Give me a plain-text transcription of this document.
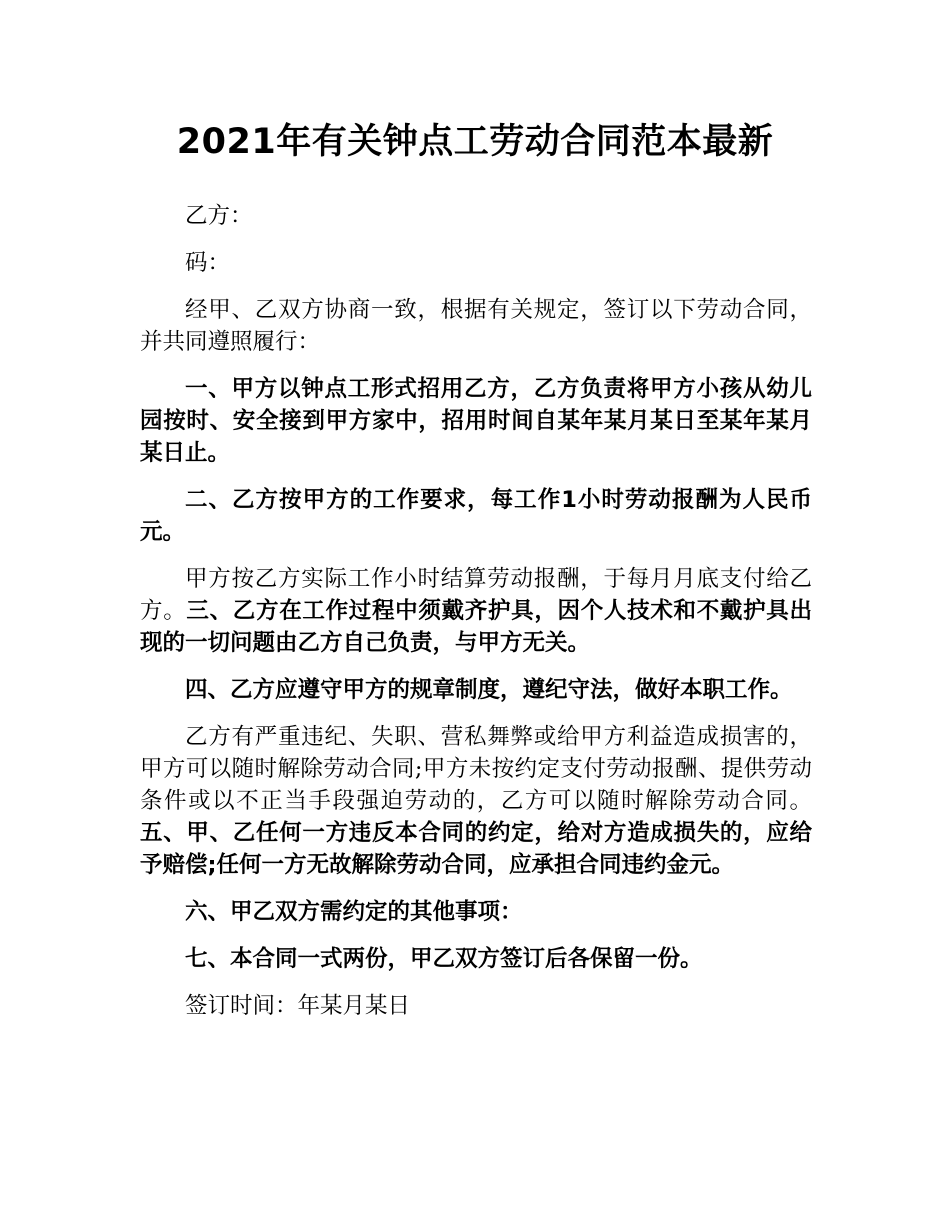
2021年有关钟点工劳动合同范本最新

乙方：

码：

经甲、乙双方协商一致，根据有关规定，签订以下劳动合同，并共同遵照履行：

一、甲方以钟点工形式招用乙方，乙方负责将甲方小孩从幼儿园按时、安全接到甲方家中，招用时间自某年某月某日至某年某月某日止。

二、乙方按甲方的工作要求，每工作1小时劳动报酬为人民币元。

甲方按乙方实际工作小时结算劳动报酬，于每月月底支付给乙方。三、乙方在工作过程中须戴齐护具，因个人技术和不戴护具出现的一切问题由乙方自己负责，与甲方无关。

四、乙方应遵守甲方的规章制度，遵纪守法，做好本职工作。

乙方有严重违纪、失职、营私舞弊或给甲方利益造成损害的，甲方可以随时解除劳动合同;甲方未按约定支付劳动报酬、提供劳动条件或以不正当手段强迫劳动的，乙方可以随时解除劳动合同。五、甲、乙任何一方违反本合同的约定，给对方造成损失的，应给予赔偿;任何一方无故解除劳动合同，应承担合同违约金元。

六、甲乙双方需约定的其他事项：

七、本合同一式两份，甲乙双方签订后各保留一份。

签订时间：年某月某日
